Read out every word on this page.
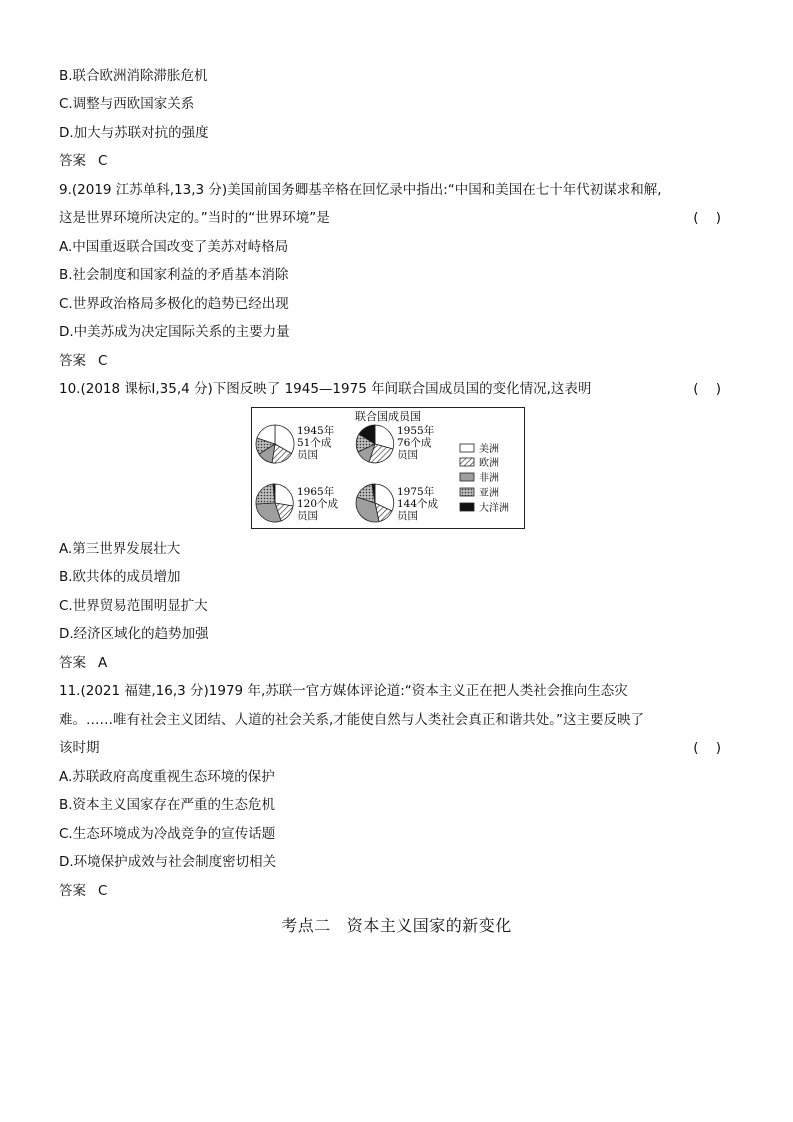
B.联合欧洲消除滞胀危机
C.调整与西欧国家关系
D.加大与苏联对抗的强度
答案 C
9.(2019 江苏单科,13,3 分)美国前国务卿基辛格在回忆录中指出:“中国和美国在七十年代初谋求和解,
这是世界环境所决定的。”当时的“世界环境”是	(    )
A.中国重返联合国改变了美苏对峙格局
B.社会制度和国家利益的矛盾基本消除
C.世界政治格局多极化的趋势已经出现
D.中美苏成为决定国际关系的主要力量
答案 C
10.(2018 课标Ⅰ,35,4 分)下图反映了 1945—1975 年间联合国成员国的变化情况,这表明	(    )
联合国成员国
1945年
51个成
员国
1955年
76个成
员国
1965年
120个成
员国
1975年
144个成
员国
美洲
欧洲
非洲
亚洲
大洋洲
A.第三世界发展壮大
B.欧共体的成员增加
C.世界贸易范围明显扩大
D.经济区域化的趋势加强
答案 A
11.(2021 福建,16,3 分)1979 年,苏联一官方媒体评论道:“资本主义正在把人类社会推向生态灾
难。……唯有社会主义团结、人道的社会关系,才能使自然与人类社会真正和谐共处。”这主要反映了
该时期	(    )
A.苏联政府高度重视生态环境的保护
B.资本主义国家存在严重的生态危机
C.生态环境成为冷战竞争的宣传话题
D.环境保护成效与社会制度密切相关
答案 C
考点二 资本主义国家的新变化
